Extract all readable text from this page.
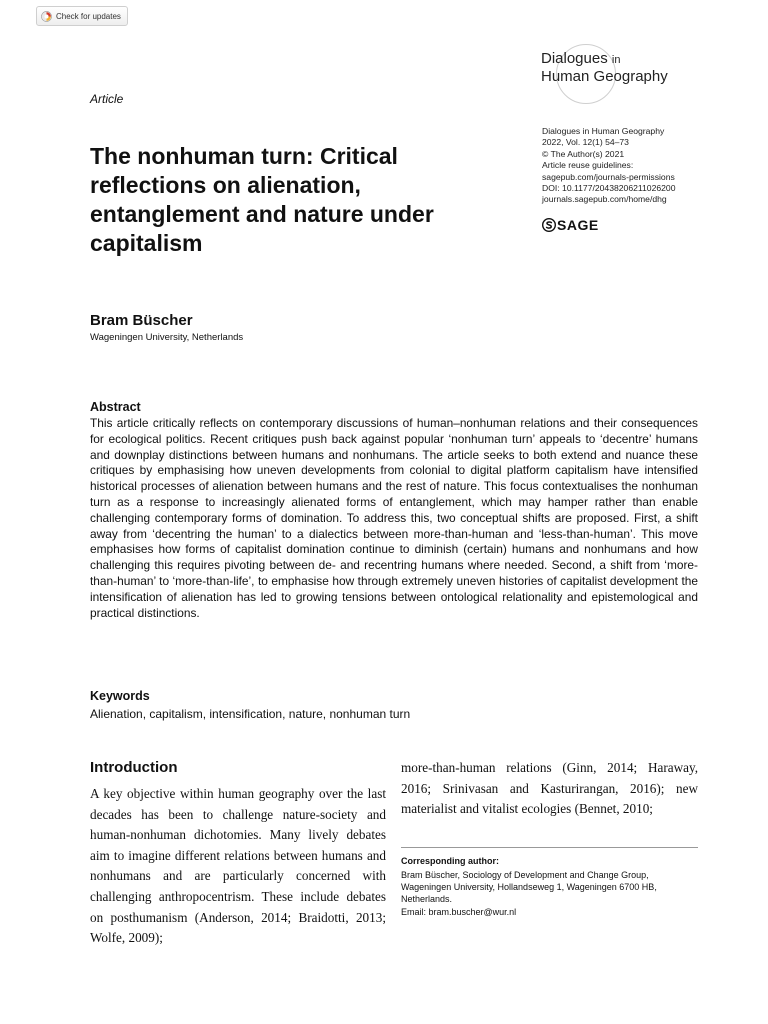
Check for updates
Dialogues in
Human Geography
Article
The nonhuman turn: Critical reflections on alienation, entanglement and nature under capitalism
Dialogues in Human Geography
2022, Vol. 12(1) 54–73
© The Author(s) 2021
Article reuse guidelines:
sagepub.com/journals-permissions
DOI: 10.1177/20438206211026200
journals.sagepub.com/home/dhg
SAGE
Bram Büscher
Wageningen University, Netherlands
Abstract
This article critically reflects on contemporary discussions of human–nonhuman relations and their consequences for ecological politics. Recent critiques push back against popular ‘nonhuman turn’ appeals to ‘decentre’ humans and downplay distinctions between humans and nonhumans. The article seeks to both extend and nuance these critiques by emphasising how uneven developments from colonial to digital platform capitalism have intensified historical processes of alienation between humans and the rest of nature. This focus contextualises the nonhuman turn as a response to increasingly alienated forms of entanglement, which may hamper rather than enable challenging contemporary forms of domination. To address this, two conceptual shifts are proposed. First, a shift away from ‘decentring the human’ to a dialectics between more-than-human and ‘less-than-human’. This move emphasises how forms of capitalist domination continue to diminish (certain) humans and nonhumans and how challenging this requires pivoting between de- and recentring humans where needed. Second, a shift from ‘more-than-human’ to ‘more-than-life’, to emphasise how through extremely uneven histories of capitalist development the intensification of alienation has led to growing tensions between ontological relationality and epistemological and practical distinctions.
Keywords
Alienation, capitalism, intensification, nature, nonhuman turn
Introduction
A key objective within human geography over the last decades has been to challenge nature-society and human-nonhuman dichotomies. Many lively debates aim to imagine different relations between humans and nonhumans and are particularly concerned with challenging anthropocentrism. These include debates on posthumanism (Anderson, 2014; Braidotti, 2013; Wolfe, 2009);
more-than-human relations (Ginn, 2014; Haraway, 2016; Srinivasan and Kasturirangan, 2016); new materialist and vitalist ecologies (Bennet, 2010;
Corresponding author:
Bram Büscher, Sociology of Development and Change Group,
Wageningen University, Hollandseweg 1, Wageningen 6700 HB,
Netherlands.
Email: bram.buscher@wur.nl
